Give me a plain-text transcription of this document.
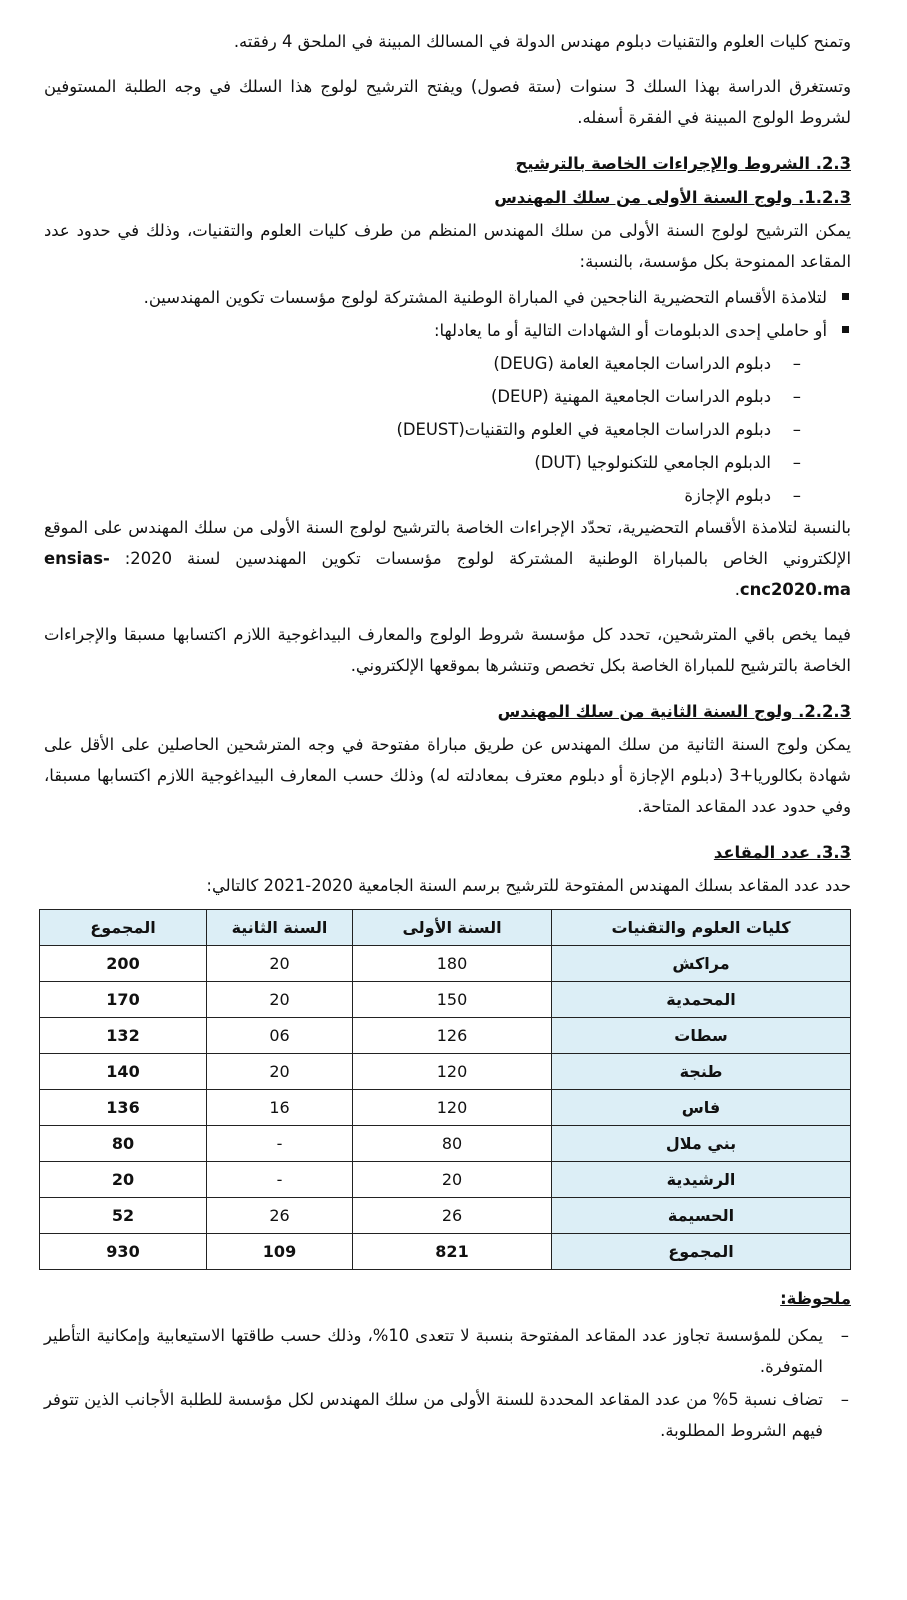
وتمنح كليات العلوم والتقنيات دبلوم مهندس الدولة في المسالك المبينة في الملحق 4 رفقته.

وتستغرق الدراسة بهذا السلك 3 سنوات (ستة فصول) ويفتح الترشيح لولوج هذا السلك في وجه الطلبة المستوفين لشروط الولوج المبينة في الفقرة أسفله.

2.3. الشروط والإجراءات الخاصة بالترشيح

1.2.3. ولوج السنة الأولى من سلك المهندس

يمكن الترشيح لولوج السنة الأولى من سلك المهندس المنظم من طرف كليات العلوم والتقنيات، وذلك في حدود عدد المقاعد الممنوحة بكل مؤسسة، بالنسبة:

لتلامذة الأقسام التحضيرية الناجحين في المباراة الوطنية المشتركة لولوج مؤسسات تكوين المهندسين.
أو حاملي إحدى الدبلومات أو الشهادات التالية أو ما يعادلها:
– دبلوم الدراسات الجامعية العامة (DEUG)
– دبلوم الدراسات الجامعية المهنية (DEUP)
– دبلوم الدراسات الجامعية في العلوم والتقنيات(DEUST)
– الدبلوم الجامعي للتكنولوجيا (DUT)
– دبلوم الإجازة

بالنسبة لتلامذة الأقسام التحضيرية، تحدّد الإجراءات الخاصة بالترشيح لولوج السنة الأولى من سلك المهندس على الموقع الإلكتروني الخاص بالمباراة الوطنية المشتركة لولوج مؤسسات تكوين المهندسين لسنة 2020: ensias-cnc2020.ma.

فيما يخص باقي المترشحين، تحدد كل مؤسسة شروط الولوج والمعارف البيداغوجية اللازم اكتسابها مسبقا والإجراءات الخاصة بالترشيح للمباراة الخاصة بكل تخصص وتنشرها بموقعها الإلكتروني.

2.2.3. ولوج السنة الثانية من سلك المهندس

يمكن ولوج السنة الثانية من سلك المهندس عن طريق مباراة مفتوحة في وجه المترشحين الحاصلين على الأقل على شهادة بكالوريا+3 (دبلوم الإجازة أو دبلوم معترف بمعادلته له) وذلك حسب المعارف البيداغوجية اللازم اكتسابها مسبقا، وفي حدود عدد المقاعد المتاحة.

3.3. عدد المقاعد

حدد عدد المقاعد بسلك المهندس المفتوحة للترشيح برسم السنة الجامعية 2020-2021 كالتالي:

كليات العلوم والتقنيات	السنة الأولى	السنة الثانية	المجموع
مراكش	180	20	200
المحمدية	150	20	170
سطات	126	06	132
طنجة	120	20	140
فاس	120	16	136
بني ملال	80	-	80
الرشيدية	20	-	20
الحسيمة	26	26	52
المجموع	821	109	930

ملحوظة:

– يمكن للمؤسسة تجاوز عدد المقاعد المفتوحة بنسبة لا تتعدى 10%، وذلك حسب طاقتها الاستيعابية وإمكانية التأطير المتوفرة.
– تضاف نسبة 5% من عدد المقاعد المحددة للسنة الأولى من سلك المهندس لكل مؤسسة للطلبة الأجانب الذين تتوفر فيهم الشروط المطلوبة.
